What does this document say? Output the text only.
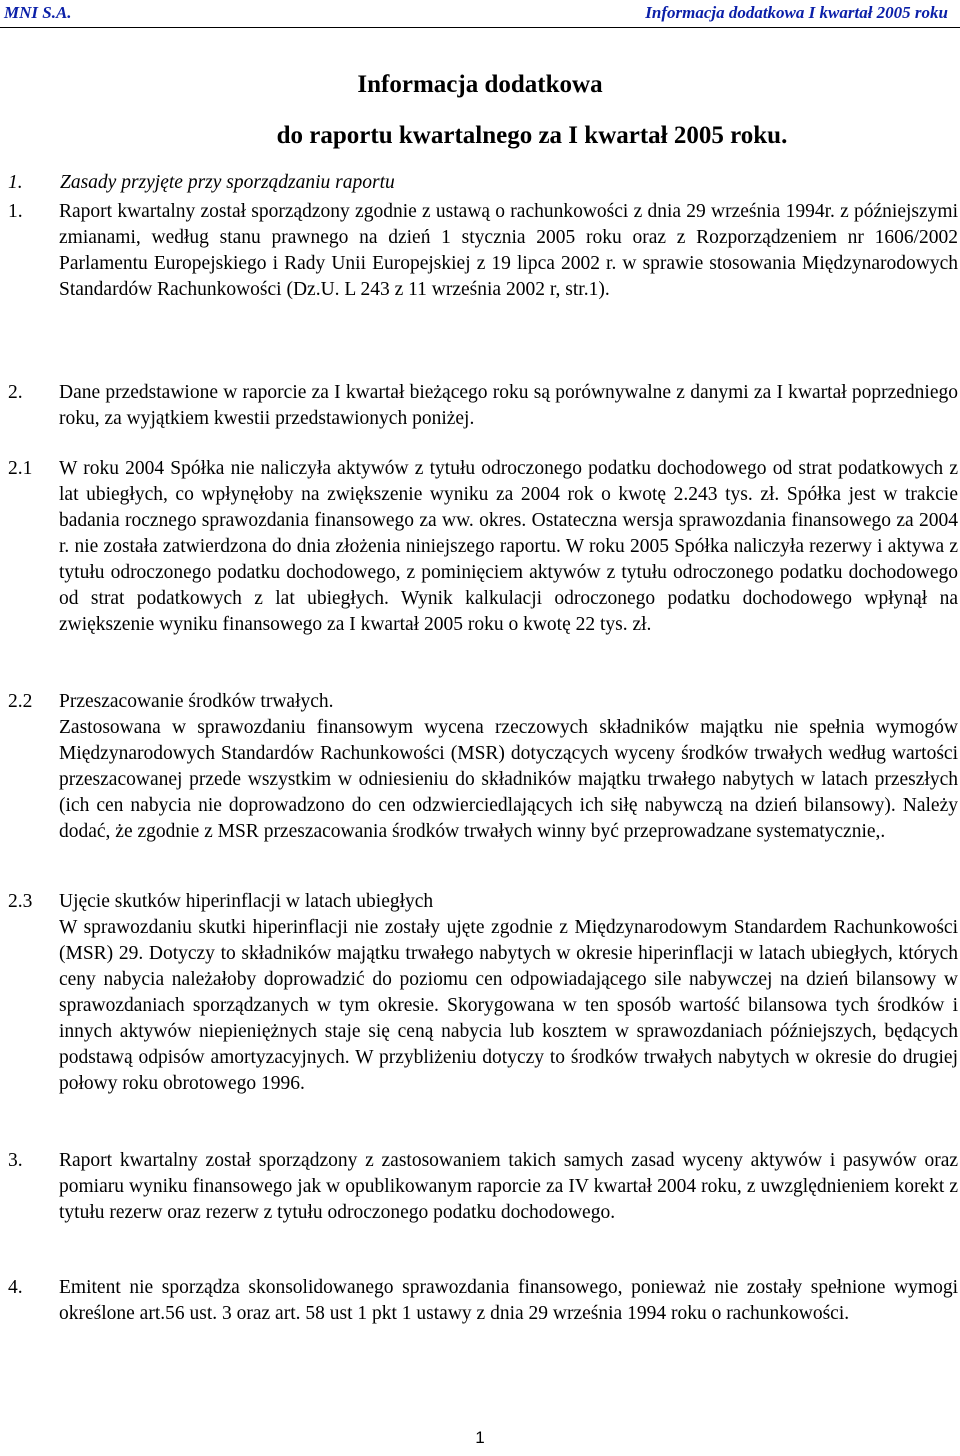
MNI S.A.	Informacja dodatkowa I kwartał 2005 roku
Informacja dodatkowa
do raportu kwartalnego za I kwartał 2005 roku.
1. Zasady przyjęte przy sporządzaniu raportu
1. Raport kwartalny został sporządzony zgodnie z ustawą o rachunkowości z dnia 29 września 1994r. z późniejszymi zmianami, według stanu prawnego na dzień 1 stycznia 2005 roku oraz z Rozporządzeniem nr 1606/2002 Parlamentu Europejskiego i Rady Unii Europejskiej z 19 lipca 2002 r. w sprawie stosowania Międzynarodowych Standardów Rachunkowości (Dz.U. L 243 z 11 września 2002 r, str.1).
2. Dane przedstawione w raporcie za I kwartał bieżącego roku są porównywalne z danymi za I kwartał poprzedniego roku, za wyjątkiem kwestii przedstawionych poniżej.
2.1 W roku 2004 Spółka nie naliczyła aktywów z tytułu odroczonego podatku dochodowego od strat podatkowych z lat ubiegłych, co wpłynęłoby na zwiększenie wyniku za 2004 rok o kwotę 2.243 tys. zł. Spółka jest w trakcie badania rocznego sprawozdania finansowego za ww. okres. Ostateczna wersja sprawozdania finansowego za 2004 r. nie została zatwierdzona do dnia złożenia niniejszego raportu. W roku 2005 Spółka naliczyła rezerwy i aktywa z tytułu odroczonego podatku dochodowego, z pominięciem aktywów z tytułu odroczonego podatku dochodowego od strat podatkowych z lat ubiegłych. Wynik kalkulacji odroczonego podatku dochodowego wpłynął na zwiększenie wyniku finansowego za I kwartał 2005 roku o kwotę 22 tys. zł.
2.2 Przeszacowanie środków trwałych.
Zastosowana w sprawozdaniu finansowym wycena rzeczowych składników majątku nie spełnia wymogów Międzynarodowych Standardów Rachunkowości (MSR) dotyczących wyceny środków trwałych według wartości przeszacowanej przede wszystkim w odniesieniu do składników majątku trwałego nabytych w latach przeszłych (ich cen nabycia nie doprowadzono do cen odzwierciedlających ich siłę nabywczą na dzień bilansowy). Należy dodać, że zgodnie z MSR przeszacowania środków trwałych winny być przeprowadzane systematycznie,.
2.3 Ujęcie skutków hiperinflacji w latach ubiegłych
W sprawozdaniu skutki hiperinflacji nie zostały ujęte zgodnie z Międzynarodowym Standardem Rachunkowości (MSR) 29. Dotyczy to składników majątku trwałego nabytych w okresie hiperinflacji w latach ubiegłych, których ceny nabycia należałoby doprowadzić do poziomu cen odpowiadającego sile nabywczej na dzień bilansowy w sprawozdaniach sporządzanych w tym okresie. Skorygowana w ten sposób wartość bilansowa tych środków i innych aktywów niepieniężnych staje się ceną nabycia lub kosztem w sprawozdaniach późniejszych, będących podstawą odpisów amortyzacyjnych. W przybliżeniu dotyczy to środków trwałych nabytych w okresie do drugiej połowy roku obrotowego 1996.
3. Raport kwartalny został sporządzony z zastosowaniem takich samych zasad wyceny aktywów i pasywów oraz pomiaru wyniku finansowego jak w opublikowanym raporcie za IV kwartał 2004 roku, z uwzględnieniem korekt z tytułu rezerw oraz rezerw z tytułu odroczonego podatku dochodowego.
4. Emitent nie sporządza skonsolidowanego sprawozdania finansowego, ponieważ nie zostały spełnione wymogi określone art.56 ust. 3 oraz art. 58 ust 1 pkt 1 ustawy z dnia 29 września 1994 roku o rachunkowości.
1
